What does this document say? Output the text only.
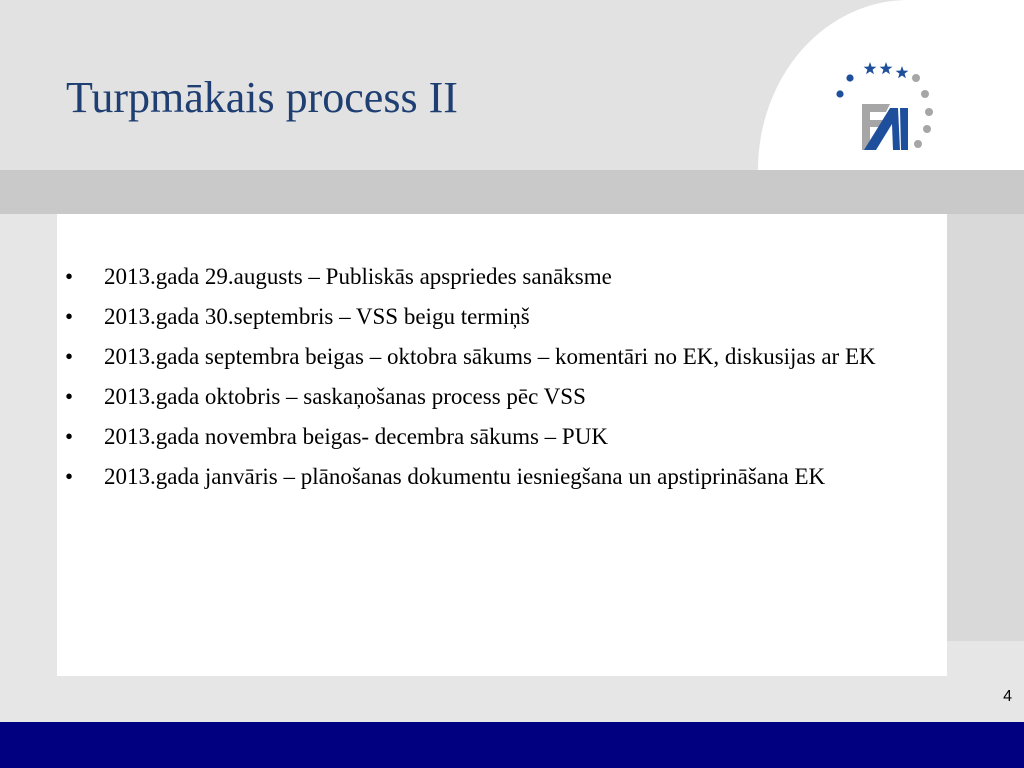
Turpmākais process II
• 2013.gada 29.augusts – Publiskās apspriedes sanāksme
• 2013.gada 30.septembris – VSS beigu termiņš
• 2013.gada septembra beigas – oktobra sākums – komentāri no EK, diskusijas ar EK
• 2013.gada oktobris – saskaņošanas process pēc VSS
• 2013.gada novembra beigas- decembra sākums – PUK
• 2013.gada janvāris – plānošanas dokumentu iesniegšana un apstiprināšana EK
4
